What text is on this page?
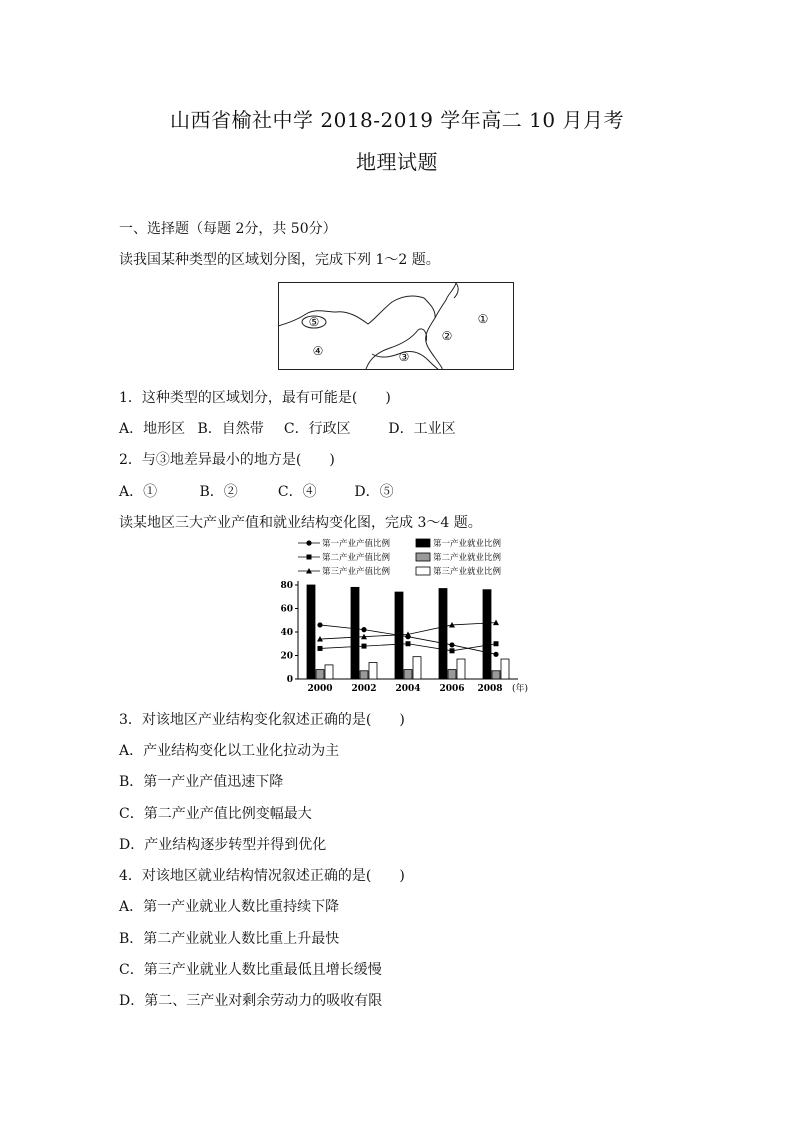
山西省榆社中学 2018-2019 学年高二 10 月月考
地理试题
一、选择题（每题 2分，共 50分）
读我国某种类型的区域划分图，完成下列 1～2 题。
①
②
③
④
⑤
1．这种类型的区域划分，最有可能是(　　)
A．地形区 B．自然带 C．行政区	D．工业区
2．与③地差异最小的地方是(　　)
A．①	B．②	C．④	D．⑤
读某地区三大产业产值和就业结构变化图，完成 3～4 题。
0
20
40
60
80
2000 2002 2004 2006 2008 (年)
第一产业产值比例
第二产业产值比例
第三产业产值比例
第一产业就业比例
第二产业就业比例
第三产业就业比例
3．对该地区产业结构变化叙述正确的是(　　)
A．产业结构变化以工业化拉动为主
B．第一产业产值迅速下降
C．第二产业产值比例变幅最大
D．产业结构逐步转型并得到优化
4．对该地区就业结构情况叙述正确的是(　　)
A．第一产业就业人数比重持续下降
B．第二产业就业人数比重上升最快
C．第三产业就业人数比重最低且增长缓慢
D．第二、三产业对剩余劳动力的吸收有限
